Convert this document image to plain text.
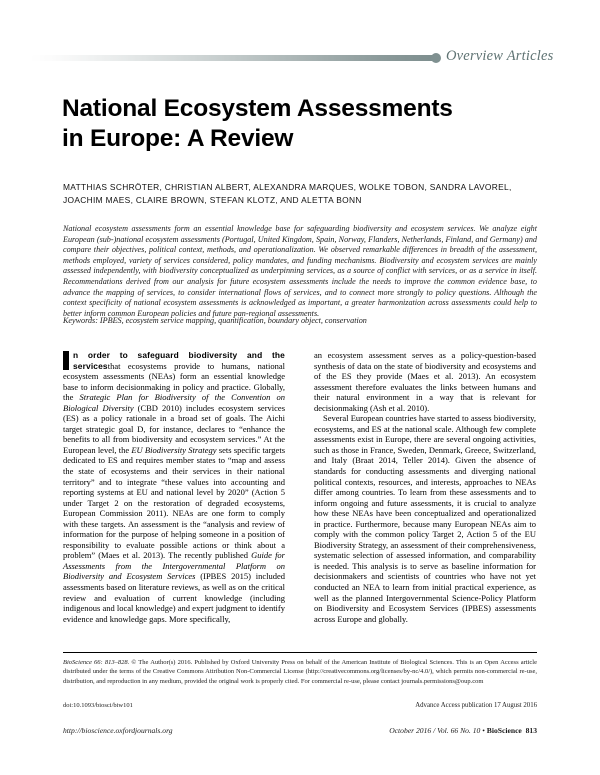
Overview Articles
National Ecosystem Assessments
in Europe: A Review
MATTHIAS SCHRÖTER, CHRISTIAN ALBERT, ALEXANDRA MARQUES, WOLKE TOBON, SANDRA LAVOREL,
JOACHIM MAES, CLAIRE BROWN, STEFAN KLOTZ, AND ALETTA BONN
National ecosystem assessments form an essential knowledge base for safeguarding biodiversity and ecosystem services. We analyze eight European (sub-)national ecosystem assessments (Portugal, United Kingdom, Spain, Norway, Flanders, Netherlands, Finland, and Germany) and compare their objectives, political context, methods, and operationalization. We observed remarkable differences in breadth of the assessment, methods employed, variety of services considered, policy mandates, and funding mechanisms. Biodiversity and ecosystem services are mainly assessed independently, with biodiversity conceptualized as underpinning services, as a source of conflict with services, or as a service in itself. Recommendations derived from our analysis for future ecosystem assessments include the needs to improve the common evidence base, to advance the mapping of services, to consider international flows of services, and to connect more strongly to policy questions. Although the context specificity of national ecosystem assessments is acknowledged as important, a greater harmonization across assessments could help to better inform common European policies and future pan-regional assessments.
Keywords: IPBES, ecosystem service mapping, quantification, boundary object, conservation

n order to safeguard biodiversity and the servicesthat ecosystems provide to humans, national ecosystem assessments (NEAs) form an essential knowledge base to inform decisionmaking in policy and practice. Globally, the Strategic Plan for Biodiversity of the Convention on Biological Diversity (CBD 2010) includes ecosystem services (ES) as a policy rationale in a broad set of goals. The Aichi target strategic goal D, for instance, declares to “enhance the benefits to all from biodiversity and ecosystem services.” At the European level, the EU Biodiversity Strategy sets specific targets dedicated to ES and requires member states to “map and assess the state of ecosystems and their services in their national territory” and to integrate “these values into accounting and reporting systems at EU and national level by 2020” (Action 5 under Target 2 on the restoration of degraded ecosystems, European Commission 2011). NEAs are one form to comply with these targets. An assessment is the “analysis and review of information for the purpose of helping someone in a position of responsibility to evaluate possible actions or think about a problem” (Maes et al. 2013). The recently published Guide for Assessments from the Intergovernmental Platform on Biodiversity and Ecosystem Services (IPBES 2015) included assessments based on literature reviews, as well as on the critical review and evaluation of current knowledge (including indigenous and local knowledge) and expert judgment to identify evidence and knowledge gaps. More specifically,

an ecosystem assessment serves as a policy-question-based synthesis of data on the state of biodiversity and ecosystems and of the ES they provide (Maes et al. 2013). An ecosystem assessment therefore evaluates the links between humans and their natural environment in a way that is relevant for decisionmaking (Ash et al. 2010).

Several European countries have started to assess biodiversity, ecosystems, and ES at the national scale. Although few complete assessments exist in Europe, there are several ongoing activities, such as those in France, Sweden, Denmark, Greece, Switzerland, and Italy (Braat 2014, Teller 2014). Given the absence of standards for conducting assessments and diverging national political contexts, resources, and interests, approaches to NEAs differ among countries. To learn from these assessments and to inform ongoing and future assessments, it is crucial to analyze how these NEAs have been conceptualized and operationalized in practice. Furthermore, because many European NEAs aim to comply with the common policy Target 2, Action 5 of the EU Biodiversity Strategy, an assessment of their comprehensiveness, systematic selection of assessed information, and comparability is needed. This analysis is to serve as baseline information for decisionmakers and scientists of countries who have not yet conducted an NEA to learn from initial practical experience, as well as the planned Intergovernmental Science-Policy Platform on Biodiversity and Ecosystem Services (IPBES) assessments across Europe and globally.

BioScience 66: 813–828. © The Author(s) 2016. Published by Oxford University Press on behalf of the American Institute of Biological Sciences. This is an Open Access article distributed under the terms of the Creative Commons Attribution Non-Commercial License (http://creativecommons.org/licenses/by-nc/4.0/), which permits non-commercial re-use, distribution, and reproduction in any medium, provided the original work is properly cited. For commercial re-use, please contact journals.permissions@oup.com
doi:10.1093/biosci/biw101	Advance Access publication 17 August 2016
http://bioscience.oxfordjournals.org	October 2016 / Vol. 66 No. 10 • BioScience 813
